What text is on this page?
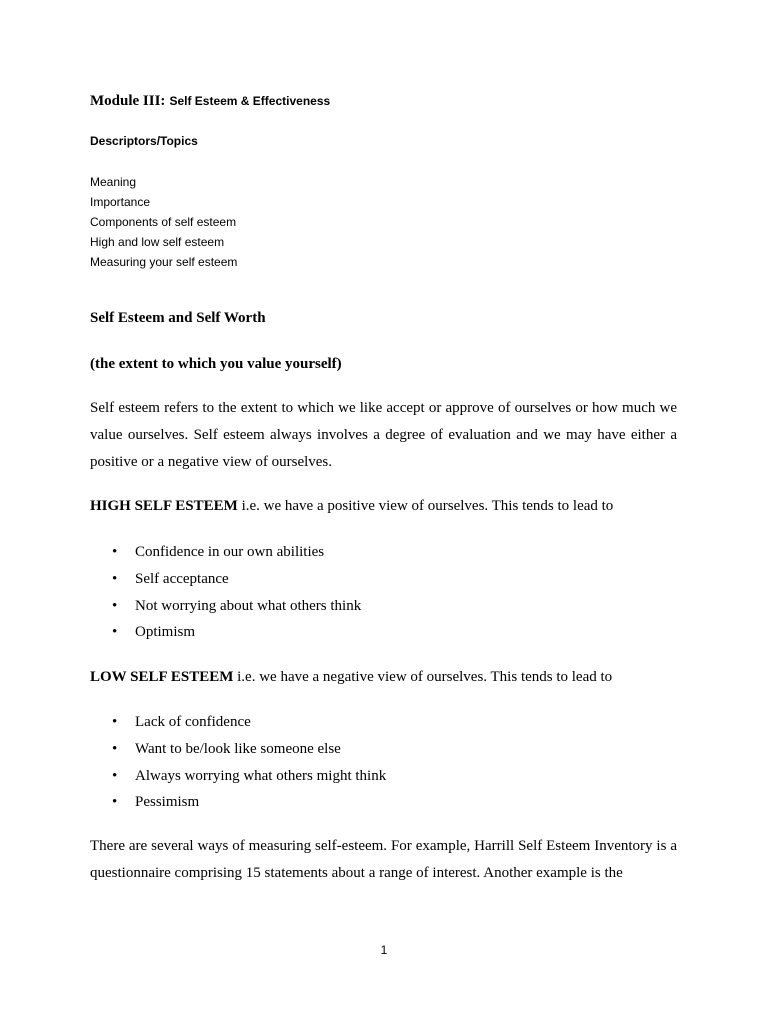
Module III: Self Esteem & Effectiveness
Descriptors/Topics
Meaning
Importance
Components of self esteem
High and low self esteem
Measuring your self esteem
Self Esteem and Self Worth
(the extent to which you value yourself)

Self esteem refers to the extent to which we like accept or approve of ourselves or how much we value ourselves. Self esteem always involves a degree of evaluation and we may have either a positive or a negative view of ourselves.

HIGH SELF ESTEEM i.e. we have a positive view of ourselves. This tends to lead to
• Confidence in our own abilities
• Self acceptance
• Not worrying about what others think
• Optimism
LOW SELF ESTEEM i.e. we have a negative view of ourselves. This tends to lead to
• Lack of confidence
• Want to be/look like someone else
• Always worrying what others might think
• Pessimism

There are several ways of measuring self-esteem. For example, Harrill Self Esteem Inventory is a questionnaire comprising 15 statements about a range of interest. Another example is the

1
